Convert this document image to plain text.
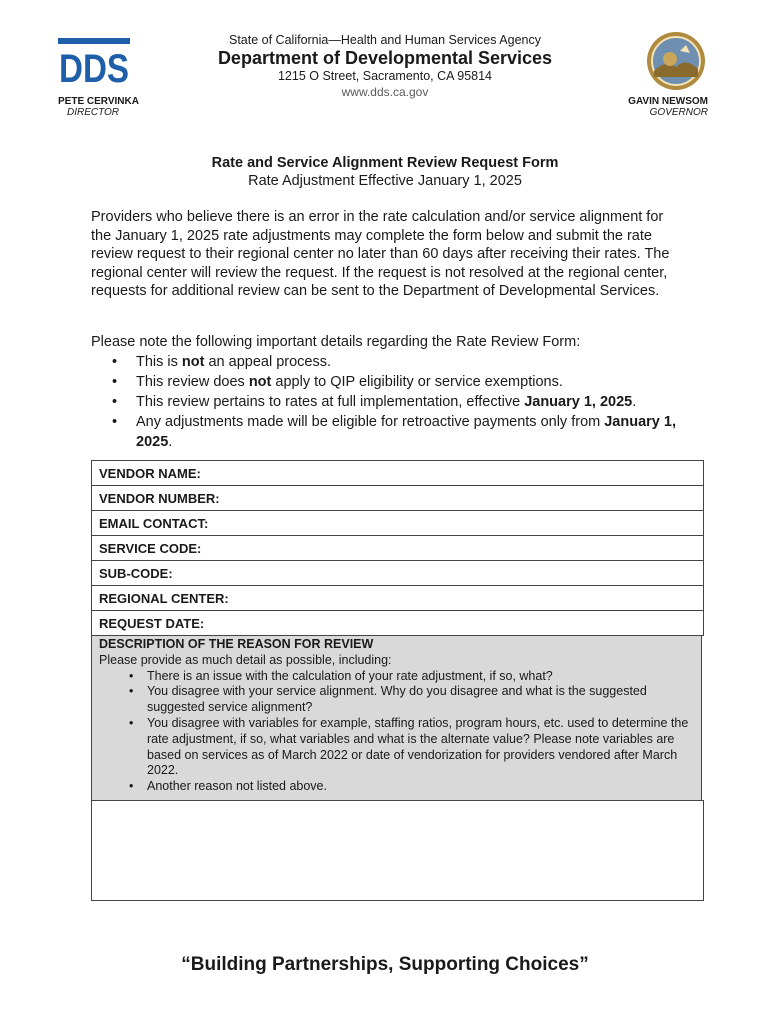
DDS
State of California—Health and Human Services Agency
Department of Developmental Services
1215 O Street, Sacramento, CA 95814
www.dds.ca.gov
PETE CERVINKA
DIRECTOR
GAVIN NEWSOM
GOVERNOR
Rate and Service Alignment Review Request Form
Rate Adjustment Effective January 1, 2025
Providers who believe there is an error in the rate calculation and/or service alignment for the January 1, 2025 rate adjustments may complete the form below and submit the rate review request to their regional center no later than 60 days after receiving their rates. The regional center will review the request. If the request is not resolved at the regional center, requests for additional review can be sent to the Department of Developmental Services.
Please note the following important details regarding the Rate Review Form:
• This is not an appeal process.
• This review does not apply to QIP eligibility or service exemptions.
• This review pertains to rates at full implementation, effective January 1, 2025.
• Any adjustments made will be eligible for retroactive payments only from January 1, 2025.
VENDOR NAME:
VENDOR NUMBER:
EMAIL CONTACT:
SERVICE CODE:
SUB-CODE:
REGIONAL CENTER:
REQUEST DATE:
DESCRIPTION OF THE REASON FOR REVIEW
Please provide as much detail as possible, including:
• There is an issue with the calculation of your rate adjustment, if so, what?
• You disagree with your service alignment. Why do you disagree and what is the suggested suggested service alignment?
• You disagree with variables for example, staffing ratios, program hours, etc. used to determine the rate adjustment, if so, what variables and what is the alternate value? Please note variables are based on services as of March 2022 or date of vendorization for providers vendored after March 2022.
• Another reason not listed above.
“Building Partnerships, Supporting Choices”
